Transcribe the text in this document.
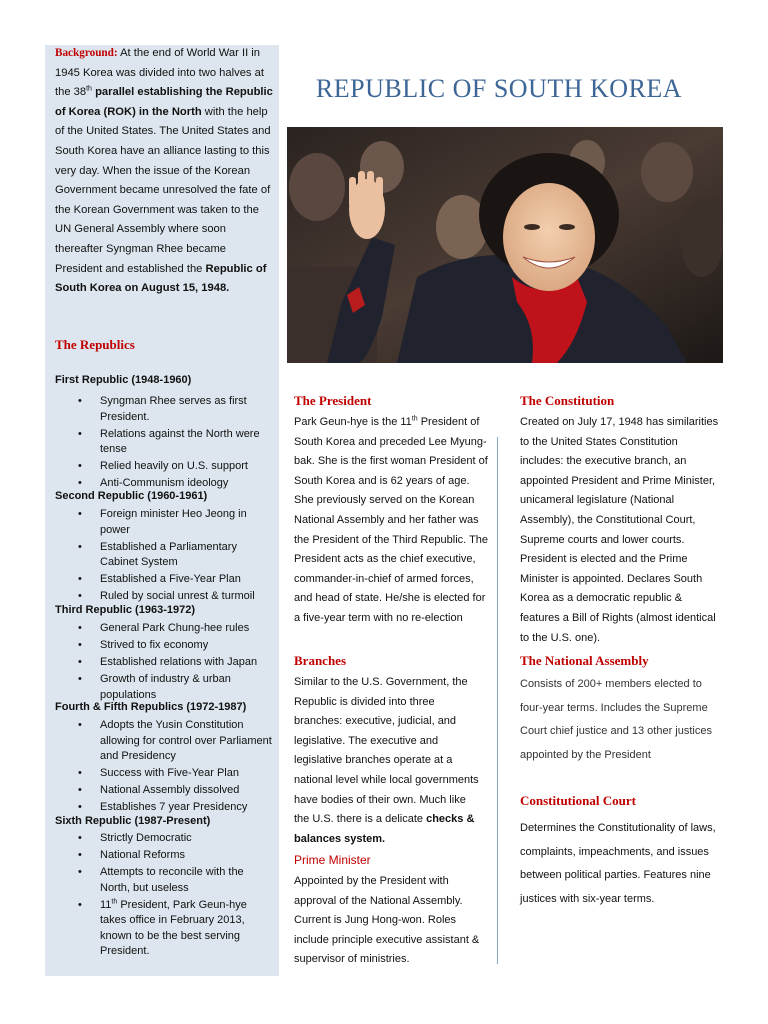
Background: At the end of World War II in 1945 Korea was divided into two halves at the 38th parallel establishing the Republic of Korea (ROK) in the North with the help of the United States. The United States and South Korea have an alliance lasting to this very day. When the issue of the Korean Government became unresolved the fate of the Korean Government was taken to the UN General Assembly where soon thereafter Syngman Rhee became President and established the Republic of South Korea on August 15, 1948.
The Republics
First Republic (1948-1960)
• Syngman Rhee serves as first President.
• Relations against the North were tense
• Relied heavily on U.S. support
• Anti-Communism ideology
Second Republic (1960-1961)
• Foreign minister Heo Jeong in power
• Established a Parliamentary Cabinet System
• Established a Five-Year Plan
• Ruled by social unrest & turmoil
Third Republic (1963-1972)
• General Park Chung-hee rules
• Strived to fix economy
• Established relations with Japan
• Growth of industry & urban populations
Fourth & Fifth Republics (1972-1987)
• Adopts the Yusin Constitution allowing for control over Parliament and Presidency
• Success with Five-Year Plan
• National Assembly dissolved
• Establishes 7 year Presidency
Sixth Republic (1987-Present)
• Strictly Democratic
• National Reforms
• Attempts to reconcile with the North, but useless
• 11th President, Park Geun-hye takes office in February 2013, known to be the best serving President.
REPUBLIC OF SOUTH KOREA
The President
Park Geun-hye is the 11th President of South Korea and preceded Lee Myung-bak. She is the first woman President of South Korea and is 62 years of age. She previously served on the Korean National Assembly and her father was the President of the Third Republic. The President acts as the chief executive, commander-in-chief of armed forces, and head of state. He/she is elected for a five-year term with no re-election
Branches
Similar to the U.S. Government, the Republic is divided into three branches: executive, judicial, and legislative. The executive and legislative branches operate at a national level while local governments have bodies of their own. Much like the U.S. there is a delicate checks & balances system.
Prime Minister
Appointed by the President with approval of the National Assembly. Current is Jung Hong-won. Roles include principle executive assistant & supervisor of ministries.
The Constitution
Created on July 17, 1948 has similarities to the United States Constitution includes: the executive branch, an appointed President and Prime Minister, unicameral legislature (National Assembly), the Constitutional Court, Supreme courts and lower courts. President is elected and the Prime Minister is appointed. Declares South Korea as a democratic republic & features a Bill of Rights (almost identical to the U.S. one).
The National Assembly
Consists of 200+ members elected to four-year terms. Includes the Supreme Court chief justice and 13 other justices appointed by the President
Constitutional Court
Determines the Constitutionality of laws, complaints, impeachments, and issues between political parties. Features nine justices with six-year terms.
